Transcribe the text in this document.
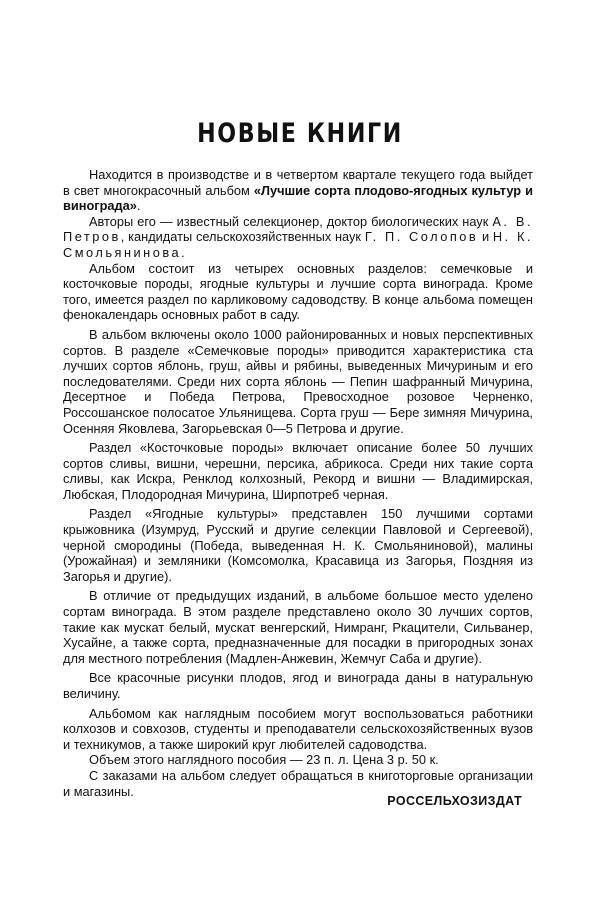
НОВЫЕ КНИГИ

Находится в производстве и в четвертом квартале текущего года выйдет в свет многокрасочный альбом «Лучшие сорта плодово-ягодных культур и винограда».

Авторы его — известный селекционер, доктор биологических наук А. В. Петров, кандидаты сельскохозяйственных наук Г. П. Солопов и Н. К. Смольянинова.

Альбом состоит из четырех основных разделов: семечковые и косточковые породы, ягодные культуры и лучшие сорта винограда. Кроме того, имеется раздел по карликовому садоводству. В конце альбома помещен фенокалендарь основных работ в саду.

В альбом включены около 1000 районированных и новых перспективных сортов. В разделе «Семечковые породы» приводится характеристика ста лучших сортов яблонь, груш, айвы и рябины, выведенных Мичуриным и его последователями. Среди них сорта яблонь — Пепин шафранный Мичурина, Десертное и Победа Петрова, Превосходное розовое Черненко, Россошанское полосатое Ульянищева. Сорта груш — Бере зимняя Мичурина, Осенняя Яковлева, Загорьевская 0—5 Петрова и другие.

Раздел «Косточковые породы» включает описание более 50 лучших сортов сливы, вишни, черешни, персика, абрикоса. Среди них такие сорта сливы, как Искра, Ренклод колхозный, Рекорд и вишни — Владимирская, Любская, Плодородная Мичурина, Ширпотреб черная.

Раздел «Ягодные культуры» представлен 150 лучшими сортами крыжовника (Изумруд, Русский и другие селекции Павловой и Сергеевой), черной смородины (Победа, выведенная Н. К. Смольяниновой), малины (Урожайная) и земляники (Комсомолка, Красавица из Загорья, Поздняя из Загорья и другие).

В отличие от предыдущих изданий, в альбоме большое место уделено сортам винограда. В этом разделе представлено около 30 лучших сортов, такие как мускат белый, мускат венгерский, Нимранг, Ркацители, Сильванер, Хусайне, а также сорта, предназначенные для посадки в пригородных зонах для местного потребления (Мадлен-Анжевин, Жемчуг Саба и другие).

Все красочные рисунки плодов, ягод и винограда даны в натуральную величину.

Альбомом как наглядным пособием могут воспользоваться работники колхозов и совхозов, студенты и преподаватели сельскохозяйственных вузов и техникумов, а также широкий круг любителей садоводства.

Объем этого наглядного пособия — 23 п. л. Цена 3 р. 50 к.

С заказами на альбом следует обращаться в книготорговые организации и магазины.

РОССЕЛЬХОЗИЗДАТ
